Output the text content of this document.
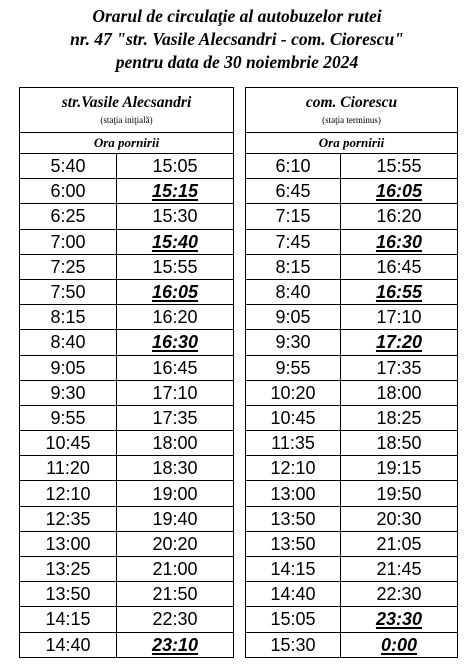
Orarul de circulaţie al autobuzelor rutei
nr. 47 "str. Vasile Alecsandri - com. Ciorescu"
pentru data de 30 noiembrie 2024
str.Vasile Alecsandri
(staţia iniţială)	

Ora pornirii	
5:40	15:05
6:00	15:15
6:25	15:30
7:00	15:40
7:25	15:55
7:50	16:05
8:15	16:20
8:40	16:30
9:05	16:45
9:30	17:10
9:55	17:35
10:45	18:00
11:20	18:30
12:10	19:00
12:35	19:40
13:00	20:20
13:25	21:00
13:50	21:50
14:15	22:30
14:40	23:10
com. Ciorescu
(staţia terminus)	

Ora pornirii	
6:10	15:55
6:45	16:05
7:15	16:20
7:45	16:30
8:15	16:45
8:40	16:55
9:05	17:10
9:30	17:20
9:55	17:35
10:20	18:00
10:45	18:25
11:35	18:50
12:10	19:15
13:00	19:50
13:50	20:30
13:50	21:05
14:15	21:45
14:40	22:30
15:05	23:30
15:30	0:00
